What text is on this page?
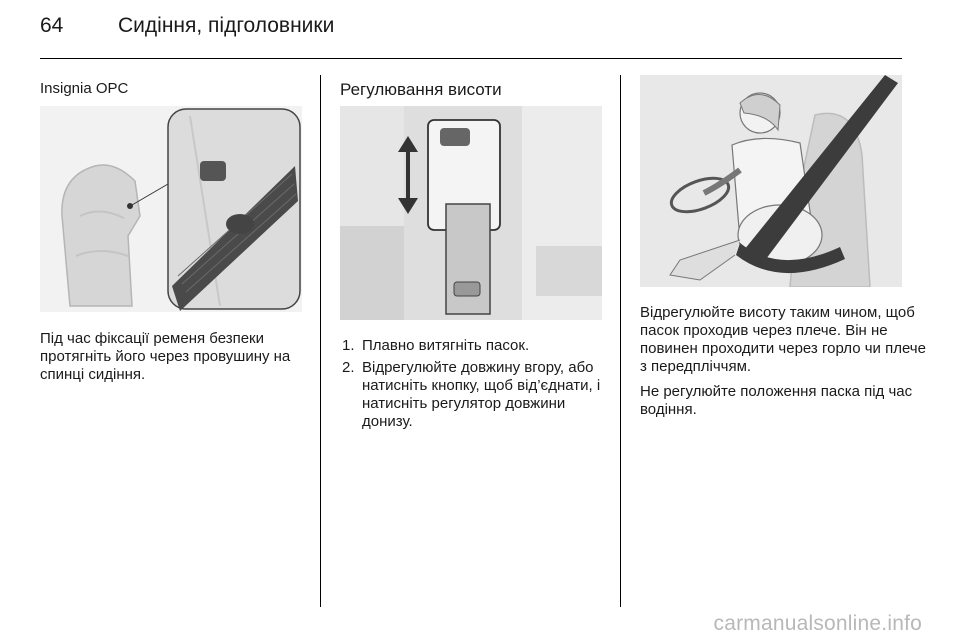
64	Сидіння, підголовники
Insignia OPC

Під час фіксації ременя безпеки протягніть його через провушину на спинці сидіння.

Регулювання висоти
1. Плавно витягніть пасок.
2. Відрегулюйте довжину вгору, або натисніть кнопку, щоб від’єднати, і натисніть регулятор довжини донизу.

Відрегулюйте висоту таким чином, щоб пасок проходив через плече. Він не повинен проходити через горло чи плече з передпліччям.

Не регулюйте положення паска під час водіння.

carmanualsonline.info
